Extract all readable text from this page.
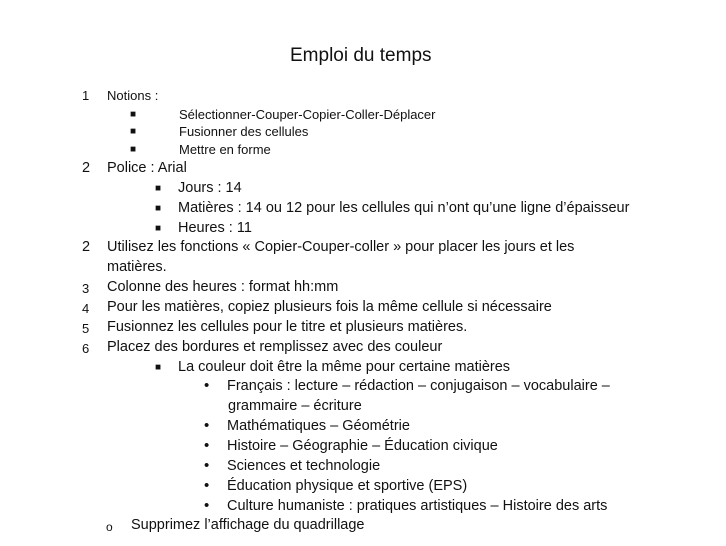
Emploi du temps
1 Notions :
■	Sélectionner-Couper-Copier-Coller-Déplacer
■	Fusionner des cellules
■	Mettre en forme
2 Police : Arial
■ Jours : 14
■ Matières : 14 ou 12 pour les cellules qui n’ont qu’une ligne d’épaisseur
■ Heures : 11
2 Utilisez les fonctions « Copier-Couper-coller » pour placer les jours et les
matières.
3 Colonne des heures : format hh:mm
4 Pour les matières, copiez plusieurs fois la même cellule si nécessaire
5 Fusionnez les cellules pour le titre et plusieurs matières.
6 Placez des bordures et remplissez avec des couleur
■ La couleur doit être la même pour certaine matières
• Français : lecture – rédaction – conjugaison – vocabulaire –
grammaire – écriture
• Mathématiques – Géométrie
• Histoire – Géographie – Éducation civique
• Sciences et technologie
• Éducation physique et sportive (EPS)
• Culture humaniste : pratiques artistiques – Histoire des arts
o Supprimez l’affichage du quadrillage
